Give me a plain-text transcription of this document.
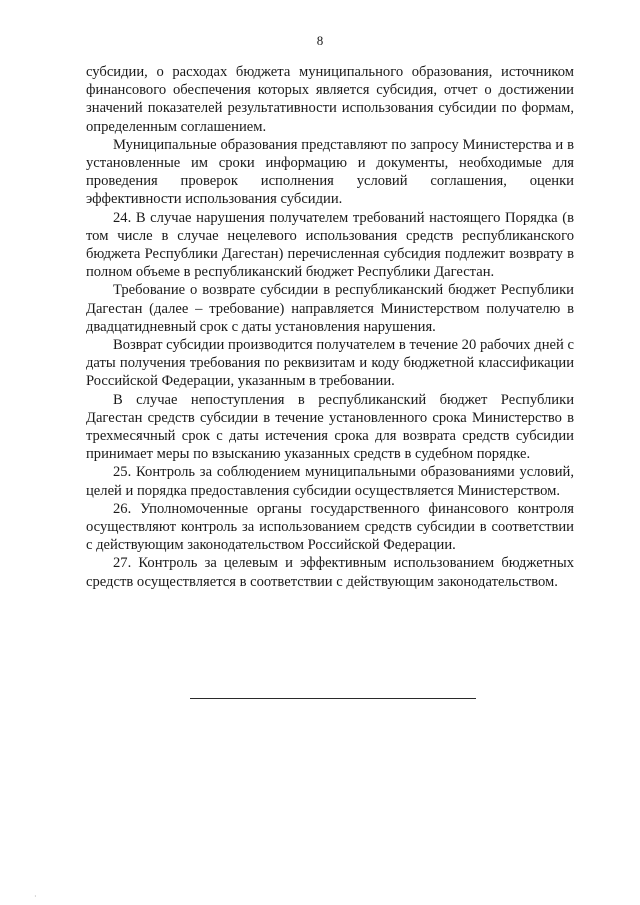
8

субсидии, о расходах бюджета муниципального образования, источником финансового обеспечения которых является субсидия, отчет о достижении значений показателей результативности использования субсидии по формам, определенным соглашением.

Муниципальные образования представляют по запросу Министерства и в установленные им сроки информацию и документы, необходимые для проведения проверок исполнения условий соглашения, оценки эффективности использования субсидии.

24. В случае нарушения получателем требований настоящего Порядка (в том числе в случае нецелевого использования средств республиканского бюджета Республики Дагестан) перечисленная субсидия подлежит возврату в полном объеме в республиканский бюджет Республики Дагестан.

Требование о возврате субсидии в республиканский бюджет Республики Дагестан (далее – требование) направляется Министерством получателю в двадцатидневный срок с даты установления нарушения.

Возврат субсидии производится получателем в течение 20 рабочих дней с даты получения требования по реквизитам и коду бюджетной классификации Российской Федерации, указанным в требовании.

В случае непоступления в республиканский бюджет Республики Дагестан средств субсидии в течение установленного срока Министерство в трехмесячный срок с даты истечения срока для возврата средств субсидии принимает меры по взысканию указанных средств в судебном порядке.

25. Контроль за соблюдением муниципальными образованиями условий, целей и порядка предоставления субсидии осуществляется Министерством.

26. Уполномоченные органы государственного финансового контроля осуществляют контроль за использованием средств субсидии в соответствии с действующим законодательством Российской Федерации.

27. Контроль за целевым и эффективным использованием бюджетных средств осуществляется в соответствии с действующим законодательством.

·
